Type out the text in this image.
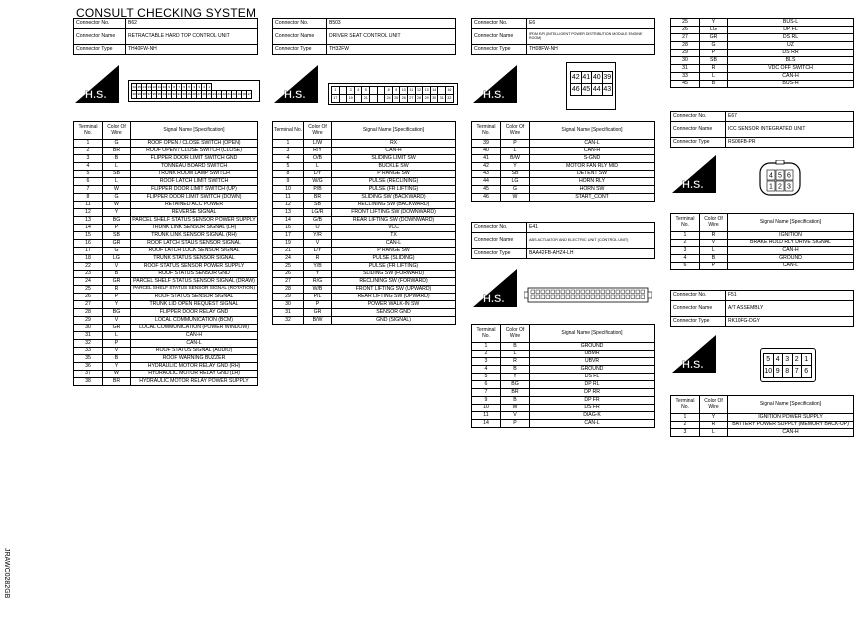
CONSULT CHECKING SYSTEM
Connector No.	B62
Connector Name	RETRACTABLE HARD TOP CONTROL UNIT
Connector Type	TH40FW-NH
H.S.
16 15 14 13 12 11 10 9	8	7	6	5	4	3	2	1
40 39 38 37 36 35 34 33 32 31 30 29 28 27 26 25 24 23 22 21 20 19 18 17
Terminal No.	Color Of Wire	Signal Name [Specification]
1	G	ROOF OPEN / CLOSE SWITCH (OPEN)
2	BR	ROOF OPEN / CLOSE SWITCH (CLOSE)
3	B	FLIPPER DOOR LIMIT SWITCH GND
4	L	TONNEAU BOARD SWITCH
5	SB	TRUNK ROOM LAMP SWITCH
6	L	ROOF LATCH LIMIT SWITCH
7	W	FLIPPER DOOR LIMIT SWITCH (UP)
8	G	FLIPPER DOOR LIMIT SWITCH (DOWN)
11	W	RETAINED ACC POWER
12	Y	REVERSE SIGNAL
13	BG	PARCEL SHELF STATUS SENSOR POWER SUPPLY
14	P	TRUNK LINK SENSOR SIGNAL (LH)
15	SB	TRUNK LINK SENSOR SIGNAL (RH)
16	GR	ROOF LATCH STAUS SENSOR SIGNAL
17	G	ROOF LATCH LOCK SENSOR SIGNAL
18	LG	TRUNK STATUS SENSOR SIGNAL
22	V	ROOF STATUS SENSOR POWER SUPPLY
23	B	ROOF STATUS SENSOR GND
24	GR	PARCEL SHELF STATUS SENSOR SIGNAL (DRAW)
25	R	PARCEL SHELF STATUS SENSOR SIGNAL (ROTATION)
26	P	ROOF STATUS SENSOR SIGNAL
27	Y	TRUNK LID OPEN REQUEST SIGNAL
28	BG	FLIPPER DOOR RELAY GND
29	V	LOCAL COMMUNICATION (BCM)
30	GR	LOCAL COMMUNICATION (POWER WINDOW)
31	L	CAN-H
32	P	CAN-L
33	V	ROOF STATUS SIGNAL (AUDIO)
35	B	ROOF WARNING BUZZER
36	Y	HYDRAULIC MOTOR RELAY GND (RH)
37	W	HYDRAULIC MOTOR RELAY GND (LH)
38	BR	HYDRAULIC MOTOR RELAY POWER SUPPLY
Connector No.	B503
Connector Name	DRIVER SEAT CONTROL UNIT
Connector Type	TH32FW
H.S.	1	3	4	5	8	9	10	11	12 13	14	16
17	19	21	24	25 26	27 28 29	30 31	32
Terminal No.	Color Of Wire	Signal Name [Specification]
1	L/W	RX
3	R/Y	CAN-H
4	O/B	SLIDING LIMIT SW
5	L	BUCKLE SW
8	L/Y	P RANGE SW
9	W/G	PULSE (RECLINING)
10	P/B	PULSE (FR LIFTING)
11	BR	SLIDING SW (BACKWARD)
12	SB	RECLINING SW (BACKWARD)
13	LG/R	FRONT LIFTING SW (DOWNWARD)
14	G/B	REAR LIFTING SW (DOWNWARD)
16	O	VCC
17	Y/R	TX
19	V	CAN-L
21	L/Y	P RANGE SW
24	R	PULSE (SLIDING)
25	Y/B	PULSE (FR LIFTING)
26	Y	SLIDING SW (FORWARD)
27	R/G	RECLINING SW (FORWARD)
28	W/B	FRONT LIFTING SW (UPWARD)
29	P/L	REAR LIFTING SW (UPWARD)
30	P	POWER WALK-IN SW
31	GR	SENSOR GND
32	B/W	GND (SIGNAL)
Connector No.	E6
Connector Name	IPDM E/R (INTELLIGENT POWER DISTRIBUTION MODULE ENGINE ROOM)
Connector Type	TH08FW-NH
H.S.
42 41 40 39
46 45 44 43
Terminal No.	Color Of Wire	Signal Name [Specification]
39	P	CAN-L
40	L	CAN-H
41	B/W	S-GND
42	Y	MOTOR FAN RLY MID
43	SB	DETENT SW
44	LG	HORN RLY
45	G	HORN SW
46	W	START_CONT
Connector No.	E41
Connector Name	ABS ACTUATOR AND ELECTRIC UNIT (CONTROL UNIT)
Connector Type	BAA42FB-AHZ4-LH
H.S.
Terminal No.	Color Of Wire	Signal Name [Specification]
1	B	GROUND
2	L	UBMR
3	R	UBVR
4	B	GROUND
5	Y	DS FL
6	BG	DP RL
7	BR	DP RR
9	B	DP FR
10	W	DS FR
11	V	DIAG-K
14	P	CAN-L
25	Y	BUS-L
26	LG	DP FL
27	GR	DS RL
28	G	UZ
29	P	DS RR
30	SB	BLS
31	R	VDC OFF SWITCH
33	L	CAN-H
45	B	BUS-H
Connector No.	E67
Connector Name	ICC SENSOR INTEGRATED UNIT
Connector Type	RS06FB-PR
H.S.
4 5 6
1 2 3
Terminal No.	Color Of Wire	Signal Name [Specification]
1	R	IGNITION
2	V	BRAKE HOLD RLY DRIVE SIGNAL
3	L	CAN-H
4	B	GROUND
6	P	CAN-L
Connector No.	F51
Connector Name	A/T ASSEMBLY
Connector Type	RK10FG-DGY
H.S.	5 4 3 2 1
10 9 8 7 6
Terminal No.	Color Of Wire	Signal Name [Specification]
1	Y	IGNITION POWER SUPPLY
2	R	BATTERY POWER SUPPLY (MEMORY BACK-UP)
3	L	CAN-H
JRAWC0282GB
